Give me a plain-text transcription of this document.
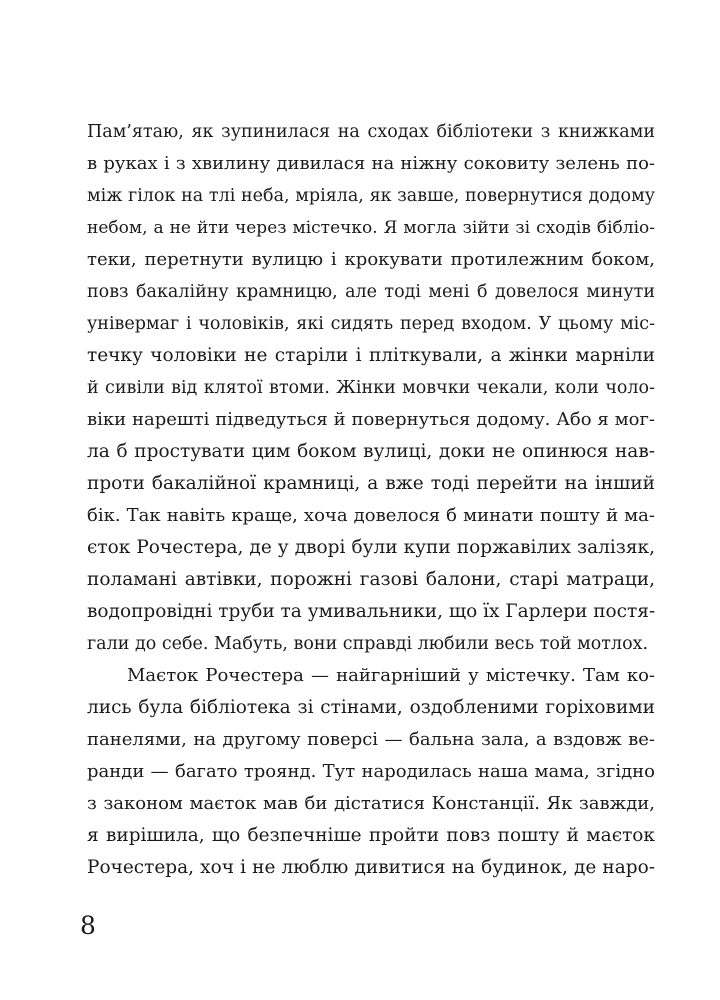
Пам’ятаю, як зупинилася на сходах бібліотеки з книжками
в руках і з хвилину дивилася на ніжну соковиту зелень по-
між гілок на тлі неба, мріяла, як завше, повернутися додому
небом, а не йти через містечко. Я могла зійти зі сходів бібліо-
теки, перетнути вулицю і крокувати протилежним боком,
повз бакалійну крамницю, але тоді мені б довелося минути
універмаг і чоловіків, які сидять перед входом. У цьому міс-
течку чоловіки не старіли і пліткували, а жінки марніли
й сивіли від клятої втоми. Жінки мовчки чекали, коли чоло-
віки нарешті підведуться й повернуться додому. Або я мог-
ла б простувати цим боком вулиці, доки не опинюся нав-
проти бакалійної крамниці, а вже тоді перейти на інший
бік. Так навіть краще, хоча довелося б минати пошту й ма-
єток Рочестера, де у дворі були купи поржавілих залізяк,
поламані автівки, порожні газові балони, старі матраци,
водопровідні труби та умивальники, що їх Гарлери постя-
гали до себе. Мабуть, вони справді любили весь той мотлох.
Маєток Рочестера — найгарніший у містечку. Там ко-
лись була бібліотека зі стінами, оздобленими горіховими
панелями, на другому поверсі — бальна зала, а вздовж ве-
ранди — багато троянд. Тут народилась наша мама, згідно
з законом маєток мав би дістатися Констанції. Як завжди,
я вирішила, що безпечніше пройти повз пошту й маєток
Рочестера, хоч і не люблю дивитися на будинок, де наро-
8
